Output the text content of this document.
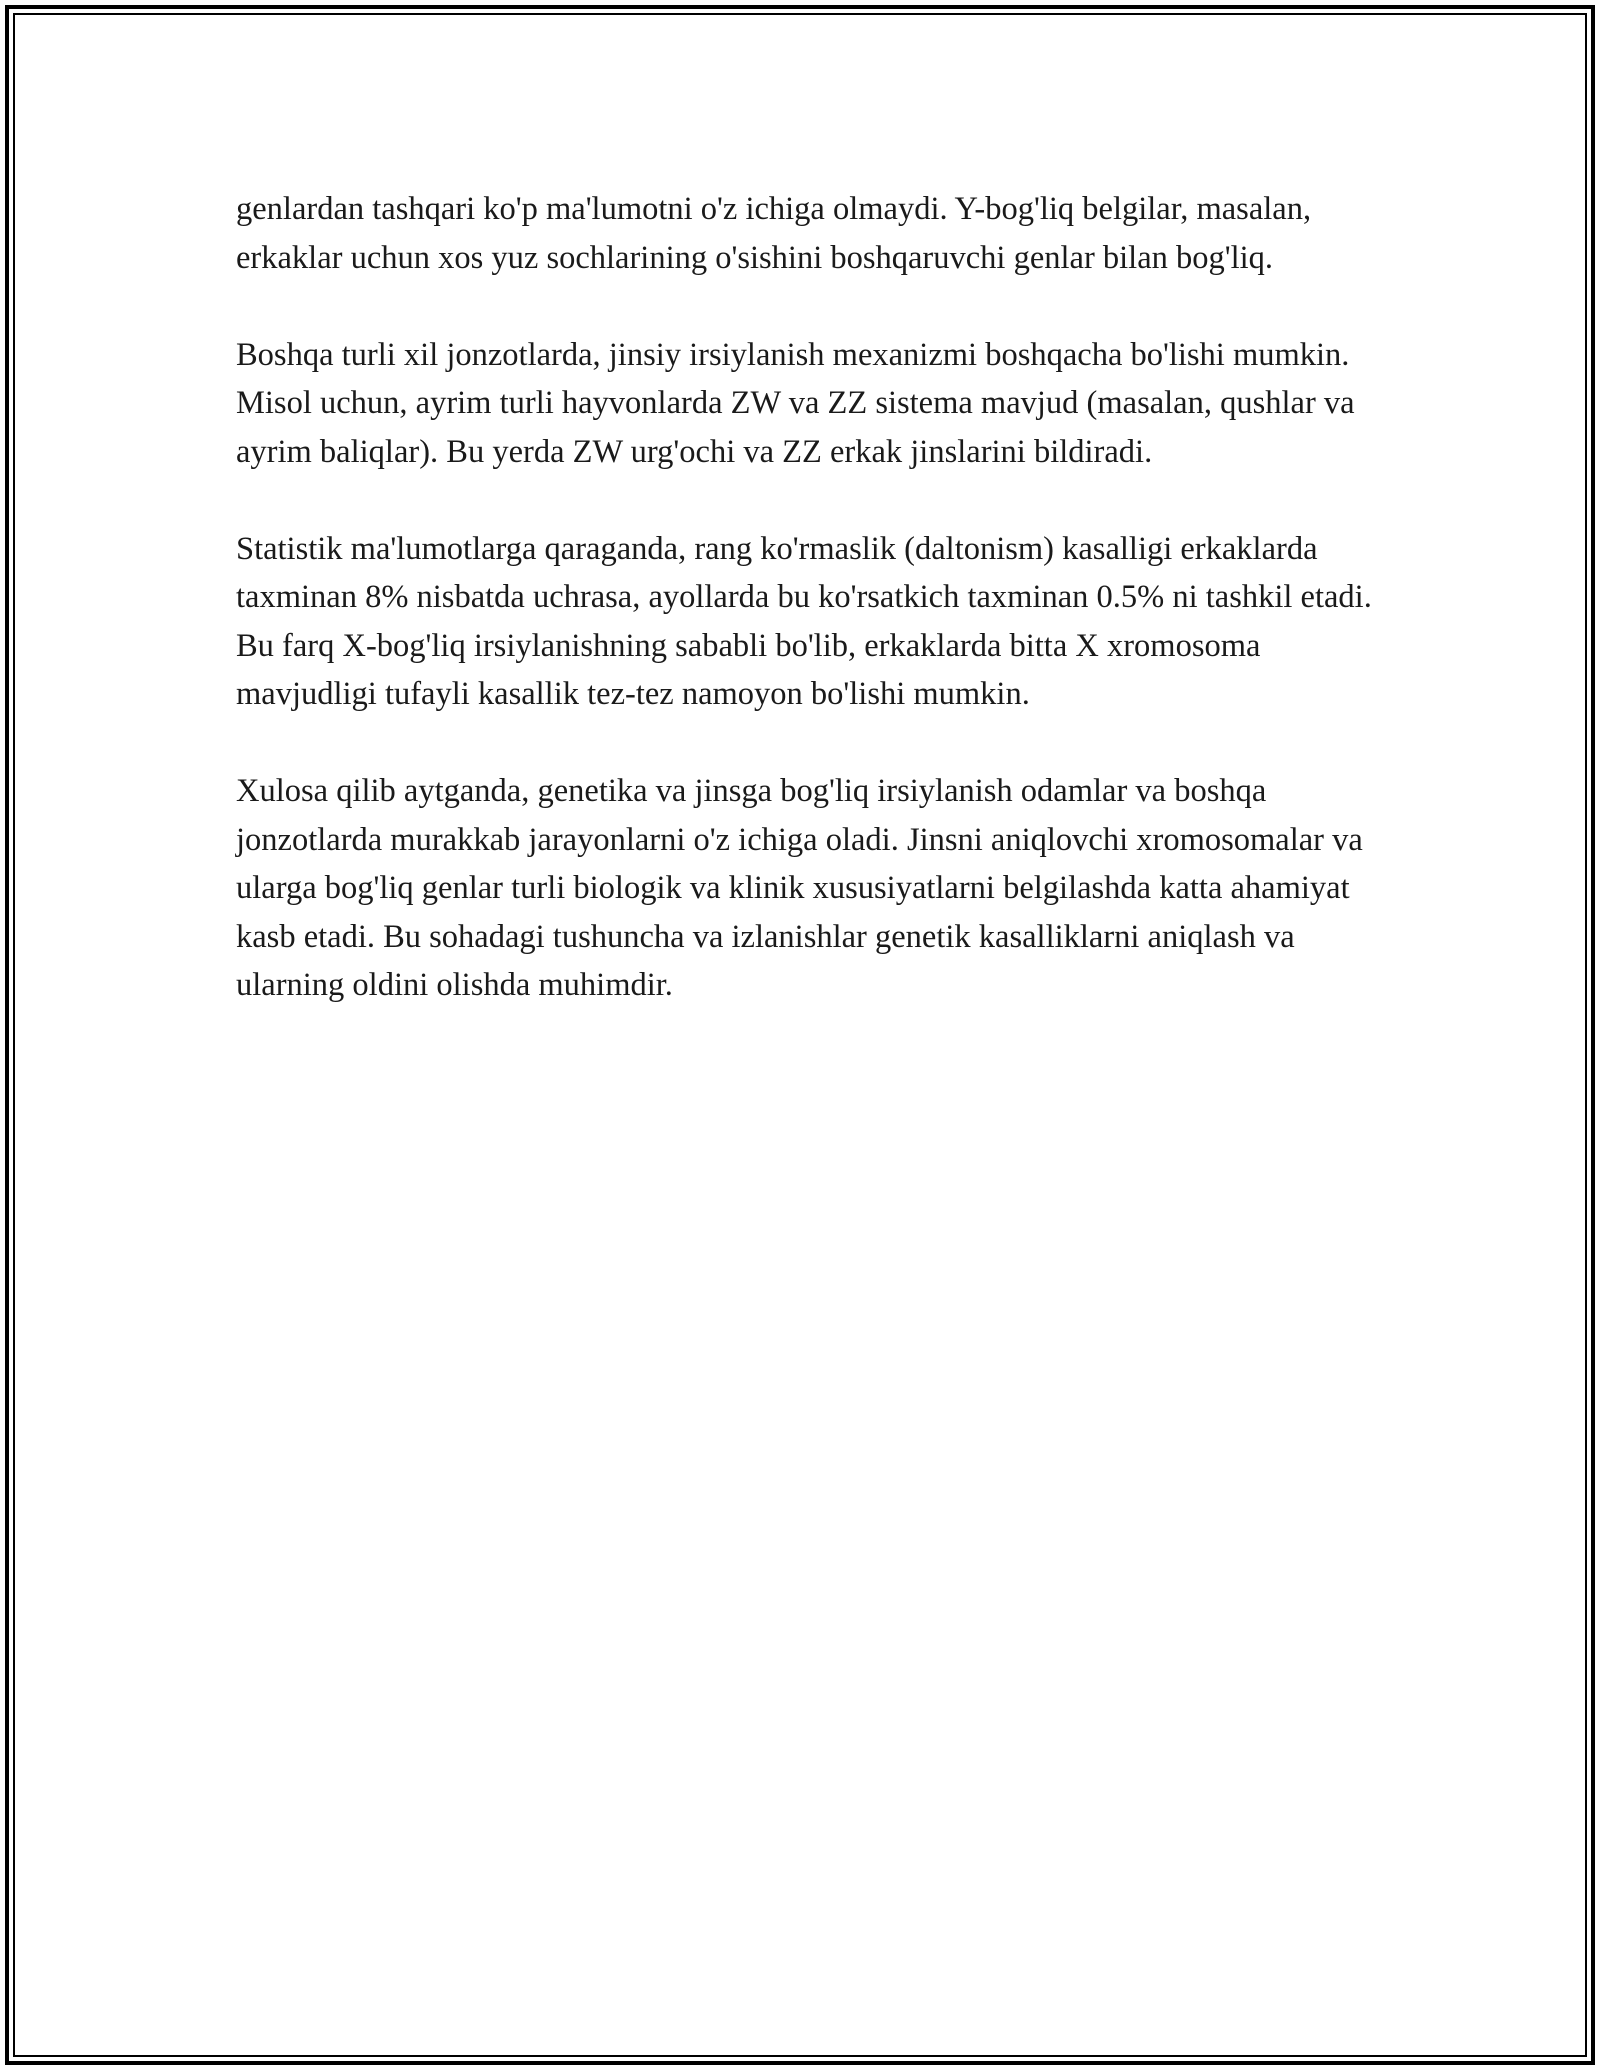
genlardan tashqari ko'p ma'lumotni o'z ichiga olmaydi. Y-bog'liq belgilar, masalan, erkaklar uchun xos yuz sochlarining o'sishini boshqaruvchi genlar bilan bog'liq.

Boshqa turli xil jonzotlarda, jinsiy irsiylanish mexanizmi boshqacha bo'lishi mumkin. Misol uchun, ayrim turli hayvonlarda ZW va ZZ sistema mavjud (masalan, qushlar va ayrim baliqlar). Bu yerda ZW urg'ochi va ZZ erkak jinslarini bildiradi.

Statistik ma'lumotlarga qaraganda, rang ko'rmaslik (daltonism) kasalligi erkaklarda taxminan 8% nisbatda uchrasa, ayollarda bu ko'rsatkich taxminan 0.5% ni tashkil etadi. Bu farq X-bog'liq irsiylanishning sababli bo'lib, erkaklarda bitta X xromosoma mavjudligi tufayli kasallik tez-tez namoyon bo'lishi mumkin.

Xulosa qilib aytganda, genetika va jinsga bog'liq irsiylanish odamlar va boshqa jonzotlarda murakkab jarayonlarni o'z ichiga oladi. Jinsni aniqlovchi xromosomalar va ularga bog'liq genlar turli biologik va klinik xususiyatlarni belgilashda katta ahamiyat kasb etadi. Bu sohadagi tushuncha va izlanishlar genetik kasalliklarni aniqlash va ularning oldini olishda muhimdir.
